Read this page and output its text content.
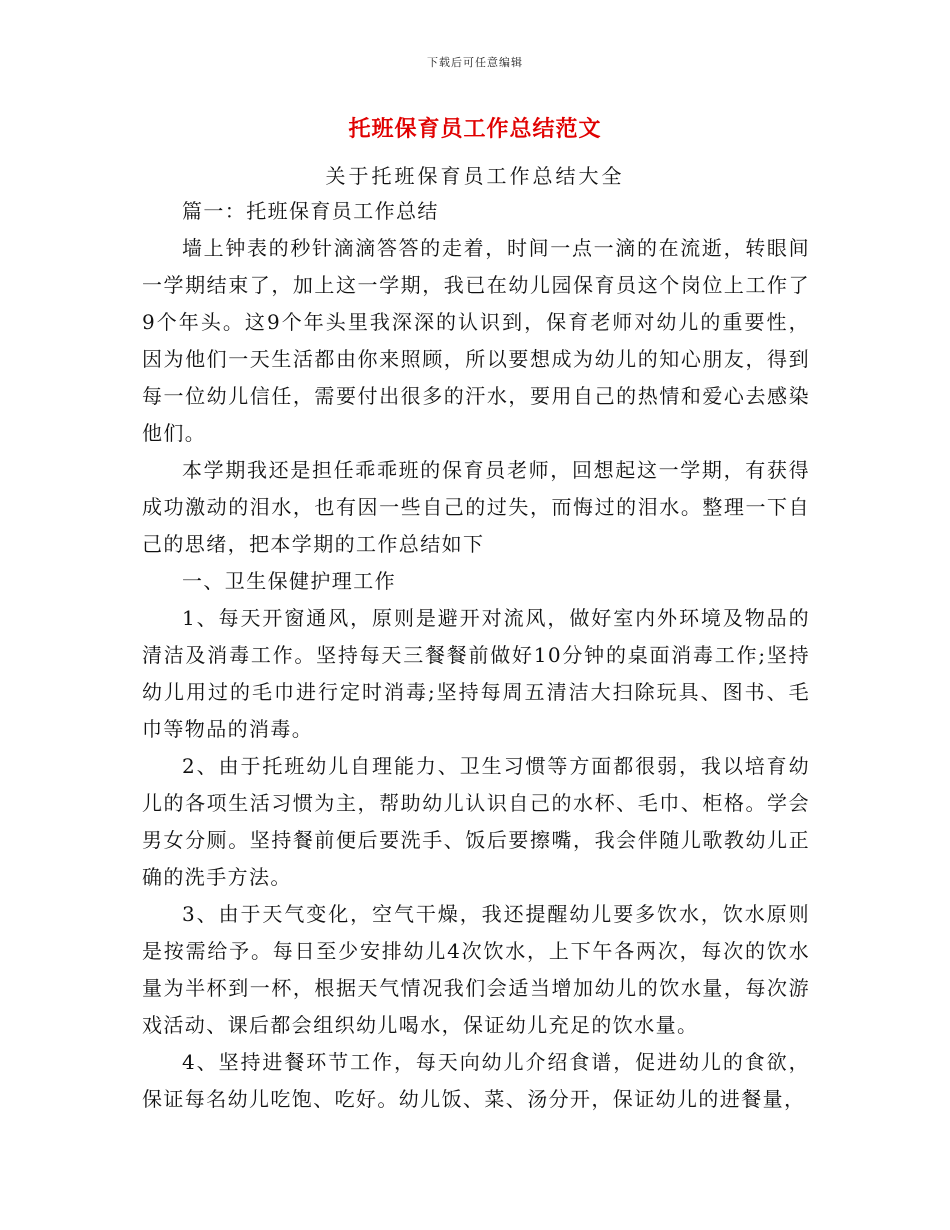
下载后可任意编辑
托班保育员工作总结范文
关于托班保育员工作总结大全

篇一：托班保育员工作总结

墙上钟表的秒针滴滴答答的走着，时间一点一滴的在流逝，转眼间一学期结束了，加上这一学期，我已在幼儿园保育员这个岗位上工作了9个年头。这9个年头里我深深的认识到，保育老师对幼儿的重要性，因为他们一天生活都由你来照顾，所以要想成为幼儿的知心朋友，得到每一位幼儿信任，需要付出很多的汗水，要用自己的热情和爱心去感染他们。

本学期我还是担任乖乖班的保育员老师，回想起这一学期，有获得成功激动的泪水，也有因一些自己的过失，而悔过的泪水。整理一下自己的思绪，把本学期的工作总结如下

一、卫生保健护理工作

1、每天开窗通风，原则是避开对流风，做好室内外环境及物品的清洁及消毒工作。坚持每天三餐餐前做好10分钟的桌面消毒工作;坚持幼儿用过的毛巾进行定时消毒;坚持每周五清洁大扫除玩具、图书、毛巾等物品的消毒。

2、由于托班幼儿自理能力、卫生习惯等方面都很弱，我以培育幼儿的各项生活习惯为主，帮助幼儿认识自己的水杯、毛巾、柜格。学会男女分厕。坚持餐前便后要洗手、饭后要擦嘴，我会伴随儿歌教幼儿正确的洗手方法。

3、由于天气变化，空气干燥，我还提醒幼儿要多饮水，饮水原则是按需给予。每日至少安排幼儿4次饮水，上下午各两次，每次的饮水量为半杯到一杯，根据天气情况我们会适当增加幼儿的饮水量，每次游戏活动、课后都会组织幼儿喝水，保证幼儿充足的饮水量。

4、坚持进餐环节工作，每天向幼儿介绍食谱，促进幼儿的食欲，保证每名幼儿吃饱、吃好。幼儿饭、菜、汤分开，保证幼儿的进餐量，
